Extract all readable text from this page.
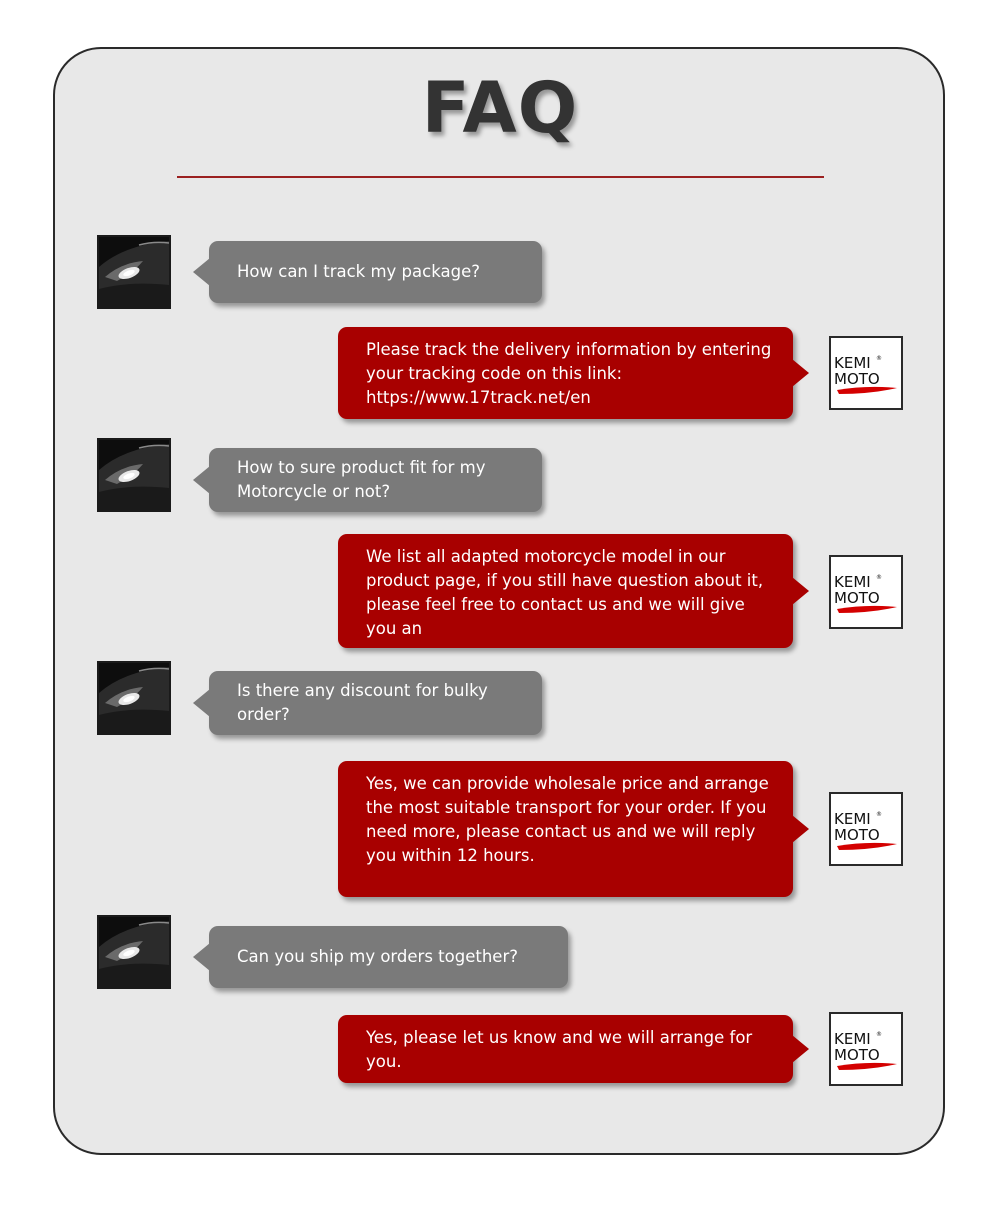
FAQ
How can I track my package?
Please track the delivery information by entering your tracking code on this link: https://www.17track.net/en
KEMI ®
MOTO
How to sure product fit for my Motorcycle or not?
We list all adapted motorcycle model in our product page, if you still have question about it, please feel free to contact us and we will give you an
KEMI ®
MOTO
Is there any discount for bulky order?
Yes, we can provide wholesale price and arrange the most suitable transport for your order. If you need more, please contact us and we will reply you within 12 hours.
KEMI ®
MOTO
Can you ship my orders together?
Yes, please let us know and we will arrange for you.
KEMI ®
MOTO
